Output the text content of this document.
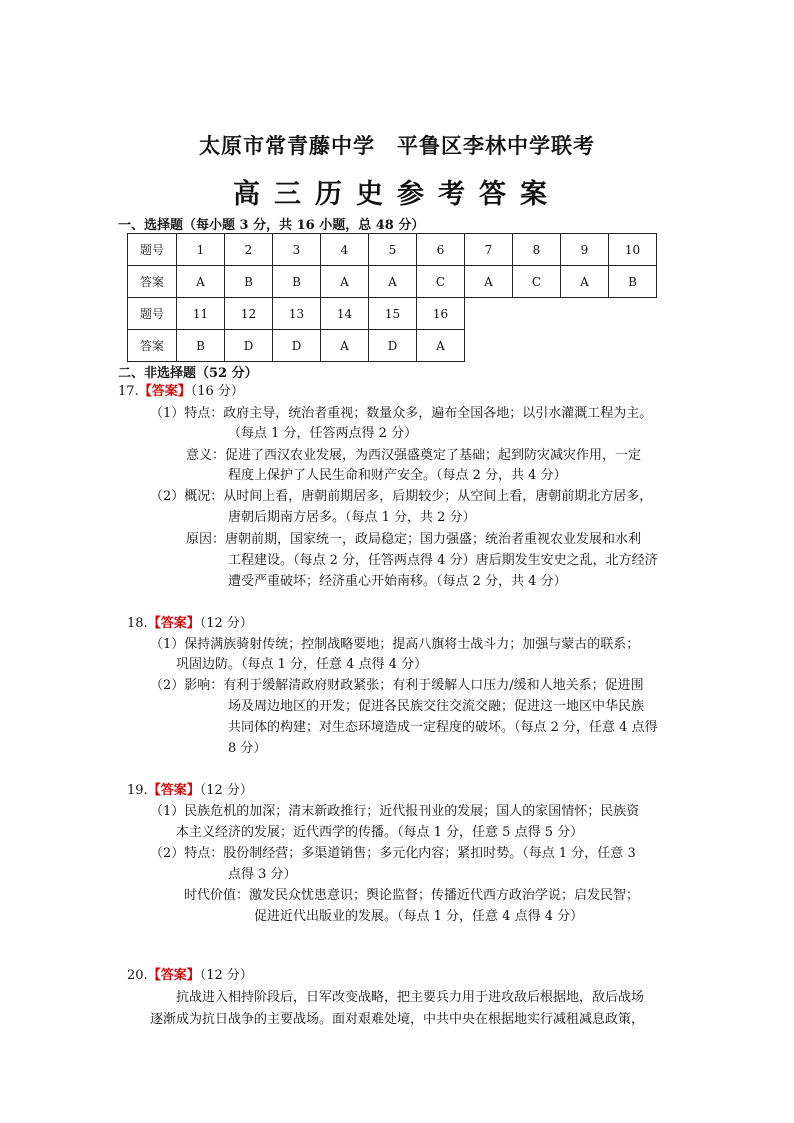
太原市常青藤中学　平鲁区李林中学联考
高三历史参考答案
一、选择题（每小题 3 分，共 16 小题，总 48 分）
题号	1	2	3	4	5	6	7	8	9	10
答案	A	B	B	A	A	C	A	C	A	B
题号	11	12	13	14	15	16				
答案	B	D	D	A	D	A				
二、非选择题（52 分）
17.【答案】（16 分）
（1）特点：政府主导，统治者重视；数量众多，遍布全国各地；以引水灌溉工程为主。
（每点 1 分，任答两点得 2 分）
意义：促进了西汉农业发展，为西汉强盛奠定了基础；起到防灾减灾作用，一定
程度上保护了人民生命和财产安全。（每点 2 分，共 4 分）
（2）概况：从时间上看，唐朝前期居多，后期较少；从空间上看，唐朝前期北方居多，
唐朝后期南方居多。（每点 1 分，共 2 分）
原因：唐朝前期，国家统一，政局稳定；国力强盛；统治者重视农业发展和水利
工程建设。（每点 2 分，任答两点得 4 分）唐后期发生安史之乱，北方经济
遭受严重破坏；经济重心开始南移。（每点 2 分，共 4 分）
18.【答案】（12 分）
（1）保持满族骑射传统；控制战略要地；提高八旗将士战斗力；加强与蒙古的联系；
巩固边防。（每点 1 分，任意 4 点得 4 分）
（2）影响：有利于缓解清政府财政紧张；有利于缓解人口压力/缓和人地关系；促进围
场及周边地区的开发；促进各民族交往交流交融；促进这一地区中华民族
共同体的构建；对生态环境造成一定程度的破坏。（每点 2 分，任意 4 点得
8 分）
19.【答案】（12 分）
（1）民族危机的加深；清末新政推行；近代报刊业的发展；国人的家国情怀；民族资
本主义经济的发展；近代西学的传播。（每点 1 分，任意 5 点得 5 分）
（2）特点：股份制经营；多渠道销售；多元化内容；紧扣时势。（每点 1 分，任意 3
点得 3 分）
时代价值：激发民众忧患意识；舆论监督；传播近代西方政治学说；启发民智；
促进近代出版业的发展。（每点 1 分，任意 4 点得 4 分）
20.【答案】（12 分）
抗战进入相持阶段后，日军改变战略，把主要兵力用于进攻敌后根据地，敌后战场
逐渐成为抗日战争的主要战场。面对艰难处境，中共中央在根据地实行减租减息政策，
